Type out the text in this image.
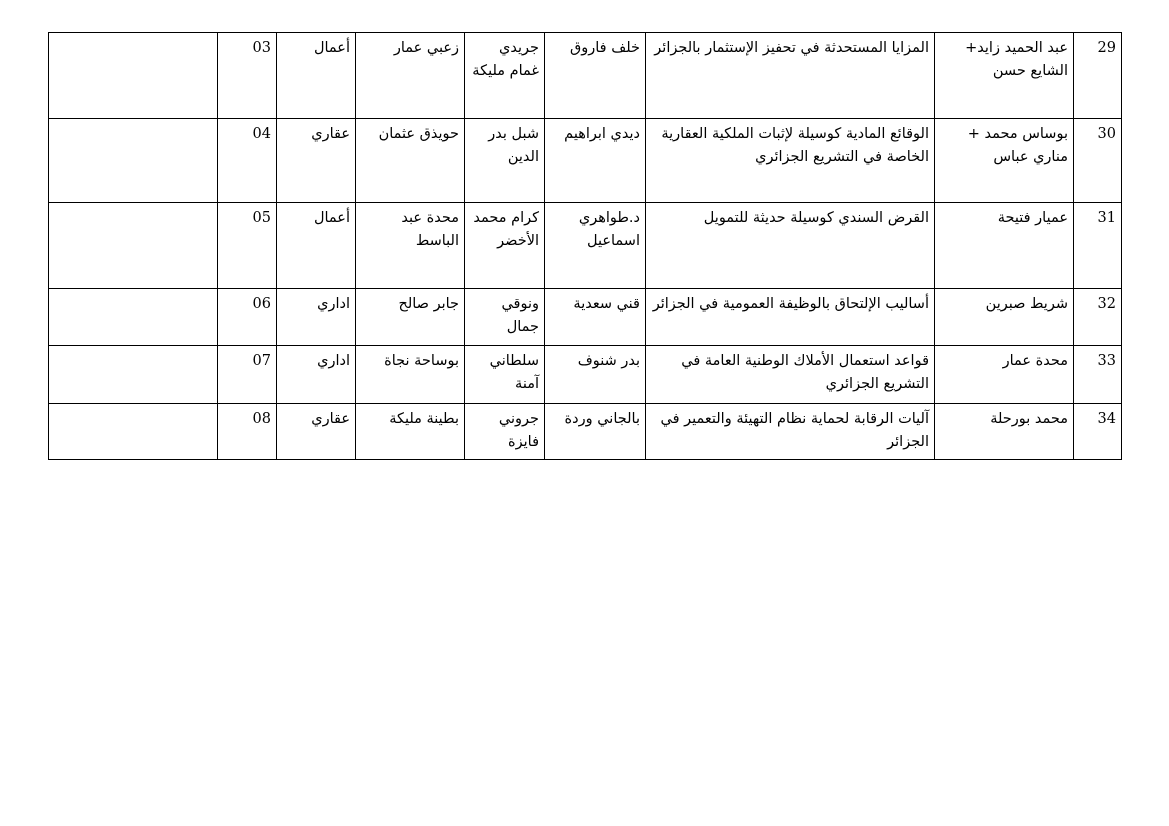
29	عبد الحميد زايد+ الشايع حسن	المزايا المستحدثة في تحفيز الإستثمار بالجزائر	خلف فاروق	جريدي غمام مليكة	زعبي عمار	أعمال	03	
30	بوساس محمد + مناري عباس	الوقائع المادية كوسيلة لإثبات الملكية العقارية الخاصة في التشريع الجزائري	ديدي ابراهيم	شبل بدر الدين	حويذق عثمان	عقاري	04	
31	عميار فتيحة	القرض السندي كوسيلة حديثة للتمويل	د.طواهري اسماعيل	كرام محمد الأخضر	محدة عبد الباسط	أعمال	05	
32	شريط صبرين	أساليب الإلتحاق بالوظيفة العمومية في الجزائر	قني سعدية	ونوقي جمال	جابر صالح	اداري	06	
33	محدة عمار	قواعد استعمال الأملاك الوطنية العامة في التشريع الجزائري	بدر شنوف	سلطاني آمنة	بوساحة نجاة	اداري	07	
34	محمد بورحلة	آليات الرقابة لحماية نظام التهيئة والتعمير في الجزائر	بالجاني وردة	جروني فايزة	بطينة مليكة	عقاري	08	
